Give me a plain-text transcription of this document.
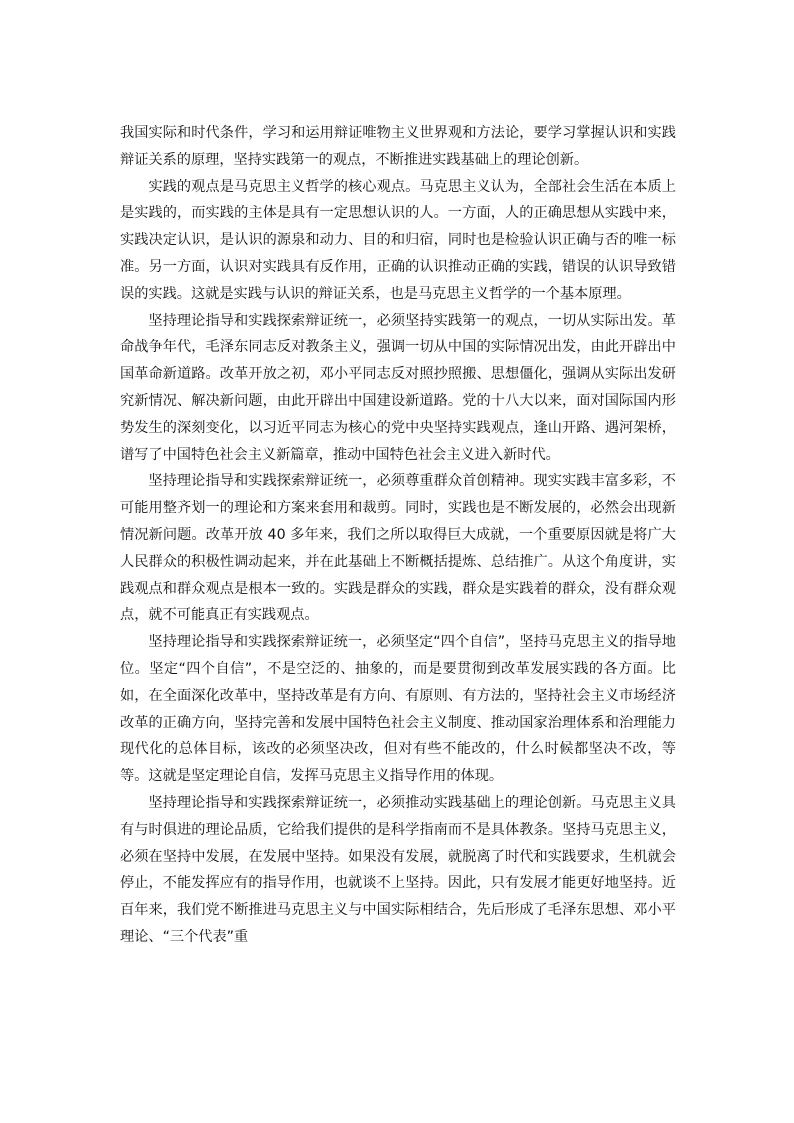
我国实际和时代条件，学习和运用辩证唯物主义世界观和方法论，要学习掌握认识和实践辩证关系的原理，坚持实践第一的观点，不断推进实践基础上的理论创新。

实践的观点是马克思主义哲学的核心观点。马克思主义认为，全部社会生活在本质上是实践的，而实践的主体是具有一定思想认识的人。一方面，人的正确思想从实践中来，实践决定认识，是认识的源泉和动力、目的和归宿，同时也是检验认识正确与否的唯一标准。另一方面，认识对实践具有反作用，正确的认识推动正确的实践，错误的认识导致错误的实践。这就是实践与认识的辩证关系，也是马克思主义哲学的一个基本原理。

坚持理论指导和实践探索辩证统一，必须坚持实践第一的观点，一切从实际出发。革命战争年代，毛泽东同志反对教条主义，强调一切从中国的实际情况出发，由此开辟出中国革命新道路。改革开放之初，邓小平同志反对照抄照搬、思想僵化，强调从实际出发研究新情况、解决新问题，由此开辟出中国建设新道路。党的十八大以来，面对国际国内形势发生的深刻变化，以习近平同志为核心的党中央坚持实践观点，逢山开路、遇河架桥，谱写了中国特色社会主义新篇章，推动中国特色社会主义进入新时代。

坚持理论指导和实践探索辩证统一，必须尊重群众首创精神。现实实践丰富多彩，不可能用整齐划一的理论和方案来套用和裁剪。同时，实践也是不断发展的，必然会出现新情况新问题。改革开放 40 多年来，我们之所以取得巨大成就，一个重要原因就是将广大人民群众的积极性调动起来，并在此基础上不断概括提炼、总结推广。从这个角度讲，实践观点和群众观点是根本一致的。实践是群众的实践，群众是实践着的群众，没有群众观点，就不可能真正有实践观点。

坚持理论指导和实践探索辩证统一，必须坚定“四个自信”，坚持马克思主义的指导地位。坚定“四个自信”，不是空泛的、抽象的，而是要贯彻到改革发展实践的各方面。比如，在全面深化改革中，坚持改革是有方向、有原则、有方法的，坚持社会主义市场经济改革的正确方向，坚持完善和发展中国特色社会主义制度、推动国家治理体系和治理能力现代化的总体目标，该改的必须坚决改，但对有些不能改的，什么时候都坚决不改，等等。这就是坚定理论自信，发挥马克思主义指导作用的体现。

坚持理论指导和实践探索辩证统一，必须推动实践基础上的理论创新。马克思主义具有与时俱进的理论品质，它给我们提供的是科学指南而不是具体教条。坚持马克思主义，必须在坚持中发展，在发展中坚持。如果没有发展，就脱离了时代和实践要求，生机就会停止，不能发挥应有的指导作用，也就谈不上坚持。因此，只有发展才能更好地坚持。近百年来，我们党不断推进马克思主义与中国实际相结合，先后形成了毛泽东思想、邓小平理论、“三个代表”重
